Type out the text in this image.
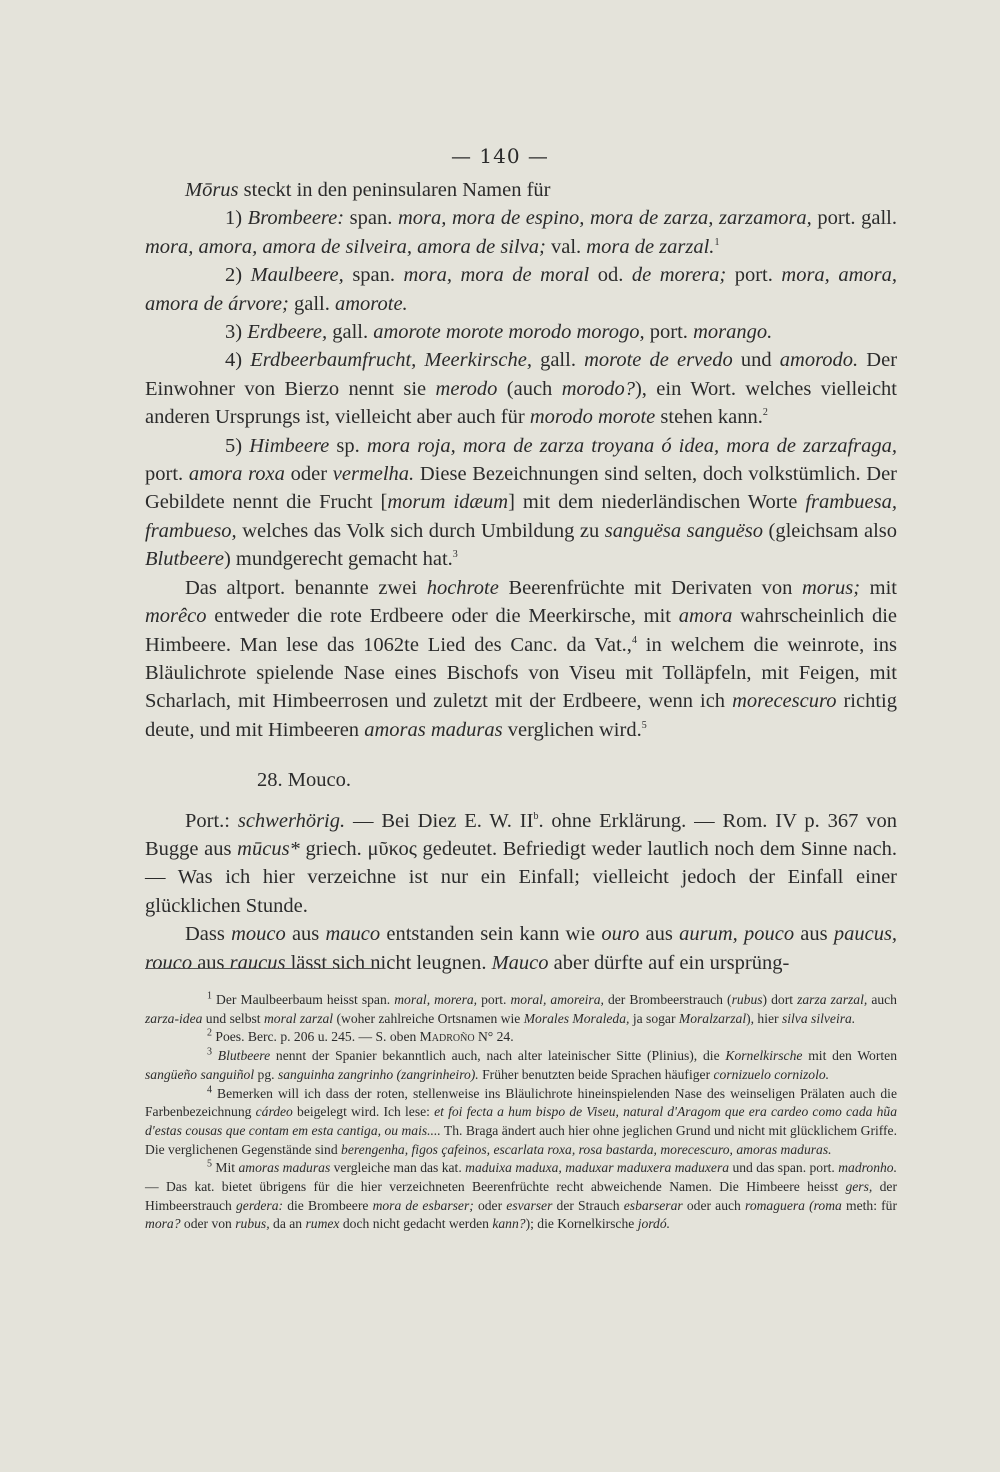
— 140 —

Mōrus steckt in den peninsularen Namen für

1) Brombeere: span. mora, mora de espino, mora de zarza, zarzamora, port. gall. mora, amora, amora de silveira, amora de silva; val. mora de zarzal.$^1$

2) Maulbeere, span. mora, mora de moral od. de morera; port. mora, amora, amora de árvore; gall. amorote.

3) Erdbeere, gall. amorote morote morodo morogo, port. morango.

4) Erdbeerbaumfrucht, Meerkirsche, gall. morote de ervedo und amorodo. Der Einwohner von Bierzo nennt sie merodo (auch morodo?), ein Wort. welches vielleicht anderen Ursprungs ist, vielleicht aber auch für morodo morote stehen kann.$^2$

5) Himbeere sp. mora roja, mora de zarza troyana ó idea, mora de zarzafraga, port. amora roxa oder vermelha. Diese Bezeichnungen sind selten, doch volkstümlich. Der Gebildete nennt die Frucht [morum idæum] mit dem niederländischen Worte frambuesa, frambueso, welches das Volk sich durch Umbildung zu sanguësa sanguëso (gleichsam also Blutbeere) mundgerecht gemacht hat.$^3$

Das altport. benannte zwei hochrote Beerenfrüchte mit Derivaten von morus; mit morêco entweder die rote Erdbeere oder die Meerkirsche, mit amora wahrscheinlich die Himbeere. Man lese das 1062te Lied des Canc. da Vat.,$^4$ in welchem die weinrote, ins Bläulichrote spielende Nase eines Bischofs von Viseu mit Tolläpfeln, mit Feigen, mit Scharlach, mit Himbeerrosen und zuletzt mit der Erdbeere, wenn ich morecescuro richtig deute, und mit Himbeeren amoras maduras verglichen wird.$^5$

28. Mouco.

Port.: schwerhörig. — Bei Diez E. W. $II^b$. ohne Erklärung. — Rom. IV p. 367 von Bugge aus mūcus* griech. μῦκος gedeutet. Befriedigt weder lautlich noch dem Sinne nach. — Was ich hier verzeichne ist nur ein Einfall; vielleicht jedoch der Einfall einer glücklichen Stunde.

Dass mouco aus mauco entstanden sein kann wie ouro aus aurum, pouco aus paucus, rouco aus raucus lässt sich nicht leugnen. Mauco aber dürfte auf ein ursprüng-

$^1$ Der Maulbeerbaum heisst span. moral, morera, port. moral, amoreira, der Brombeerstrauch (rubus) dort zarza zarzal, auch zarza-idea und selbst moral zarzal (woher zahlreiche Ortsnamen wie Morales Moraleda, ja sogar Moralzarzal), hier silva silveira.

$^2$ Poes. Berc. p. 206 u. 245. — S. oben Madroño N° 24.

$^3$ Blutbeere nennt der Spanier bekanntlich auch, nach alter lateinischer Sitte (Plinius), die Kornelkirsche mit den Worten sangüeño sanguiñol pg. sanguinha zangrinho (zangrinheiro). Früher benutzten beide Sprachen häufiger cornizuelo cornizolo.

$^4$ Bemerken will ich dass der roten, stellenweise ins Bläulichrote hineinspielenden Nase des weinseligen Prälaten auch die Farbenbezeichnung cárdeo beigelegt wird. Ich lese: et foi fecta a hum bispo de Viseu, natural d'Aragom que era cardeo como cada hũa d'estas cousas que contam em esta cantiga, ou mais.... Th. Braga ändert auch hier ohne jeglichen Grund und nicht mit glücklichem Griffe. Die verglichenen Gegenstände sind berengenha, figos çafeinos, escarlata roxa, rosa bastarda, morecescuro, amoras maduras.

$^5$ Mit amoras maduras vergleiche man das kat. maduixa maduxa, maduxar maduxera maduxera und das span. port. madronho.— Das kat. bietet übrigens für die hier verzeichneten Beerenfrüchte recht abweichende Namen. Die Himbeere heisst gers, der Himbeerstrauch gerdera: die Brombeere mora de esbarser; oder esvarser der Strauch esbarserar oder auch romaguera (roma meth: für mora? oder von rubus, da an rumex doch nicht gedacht werden kann?); die Kornelkirsche jordó.
